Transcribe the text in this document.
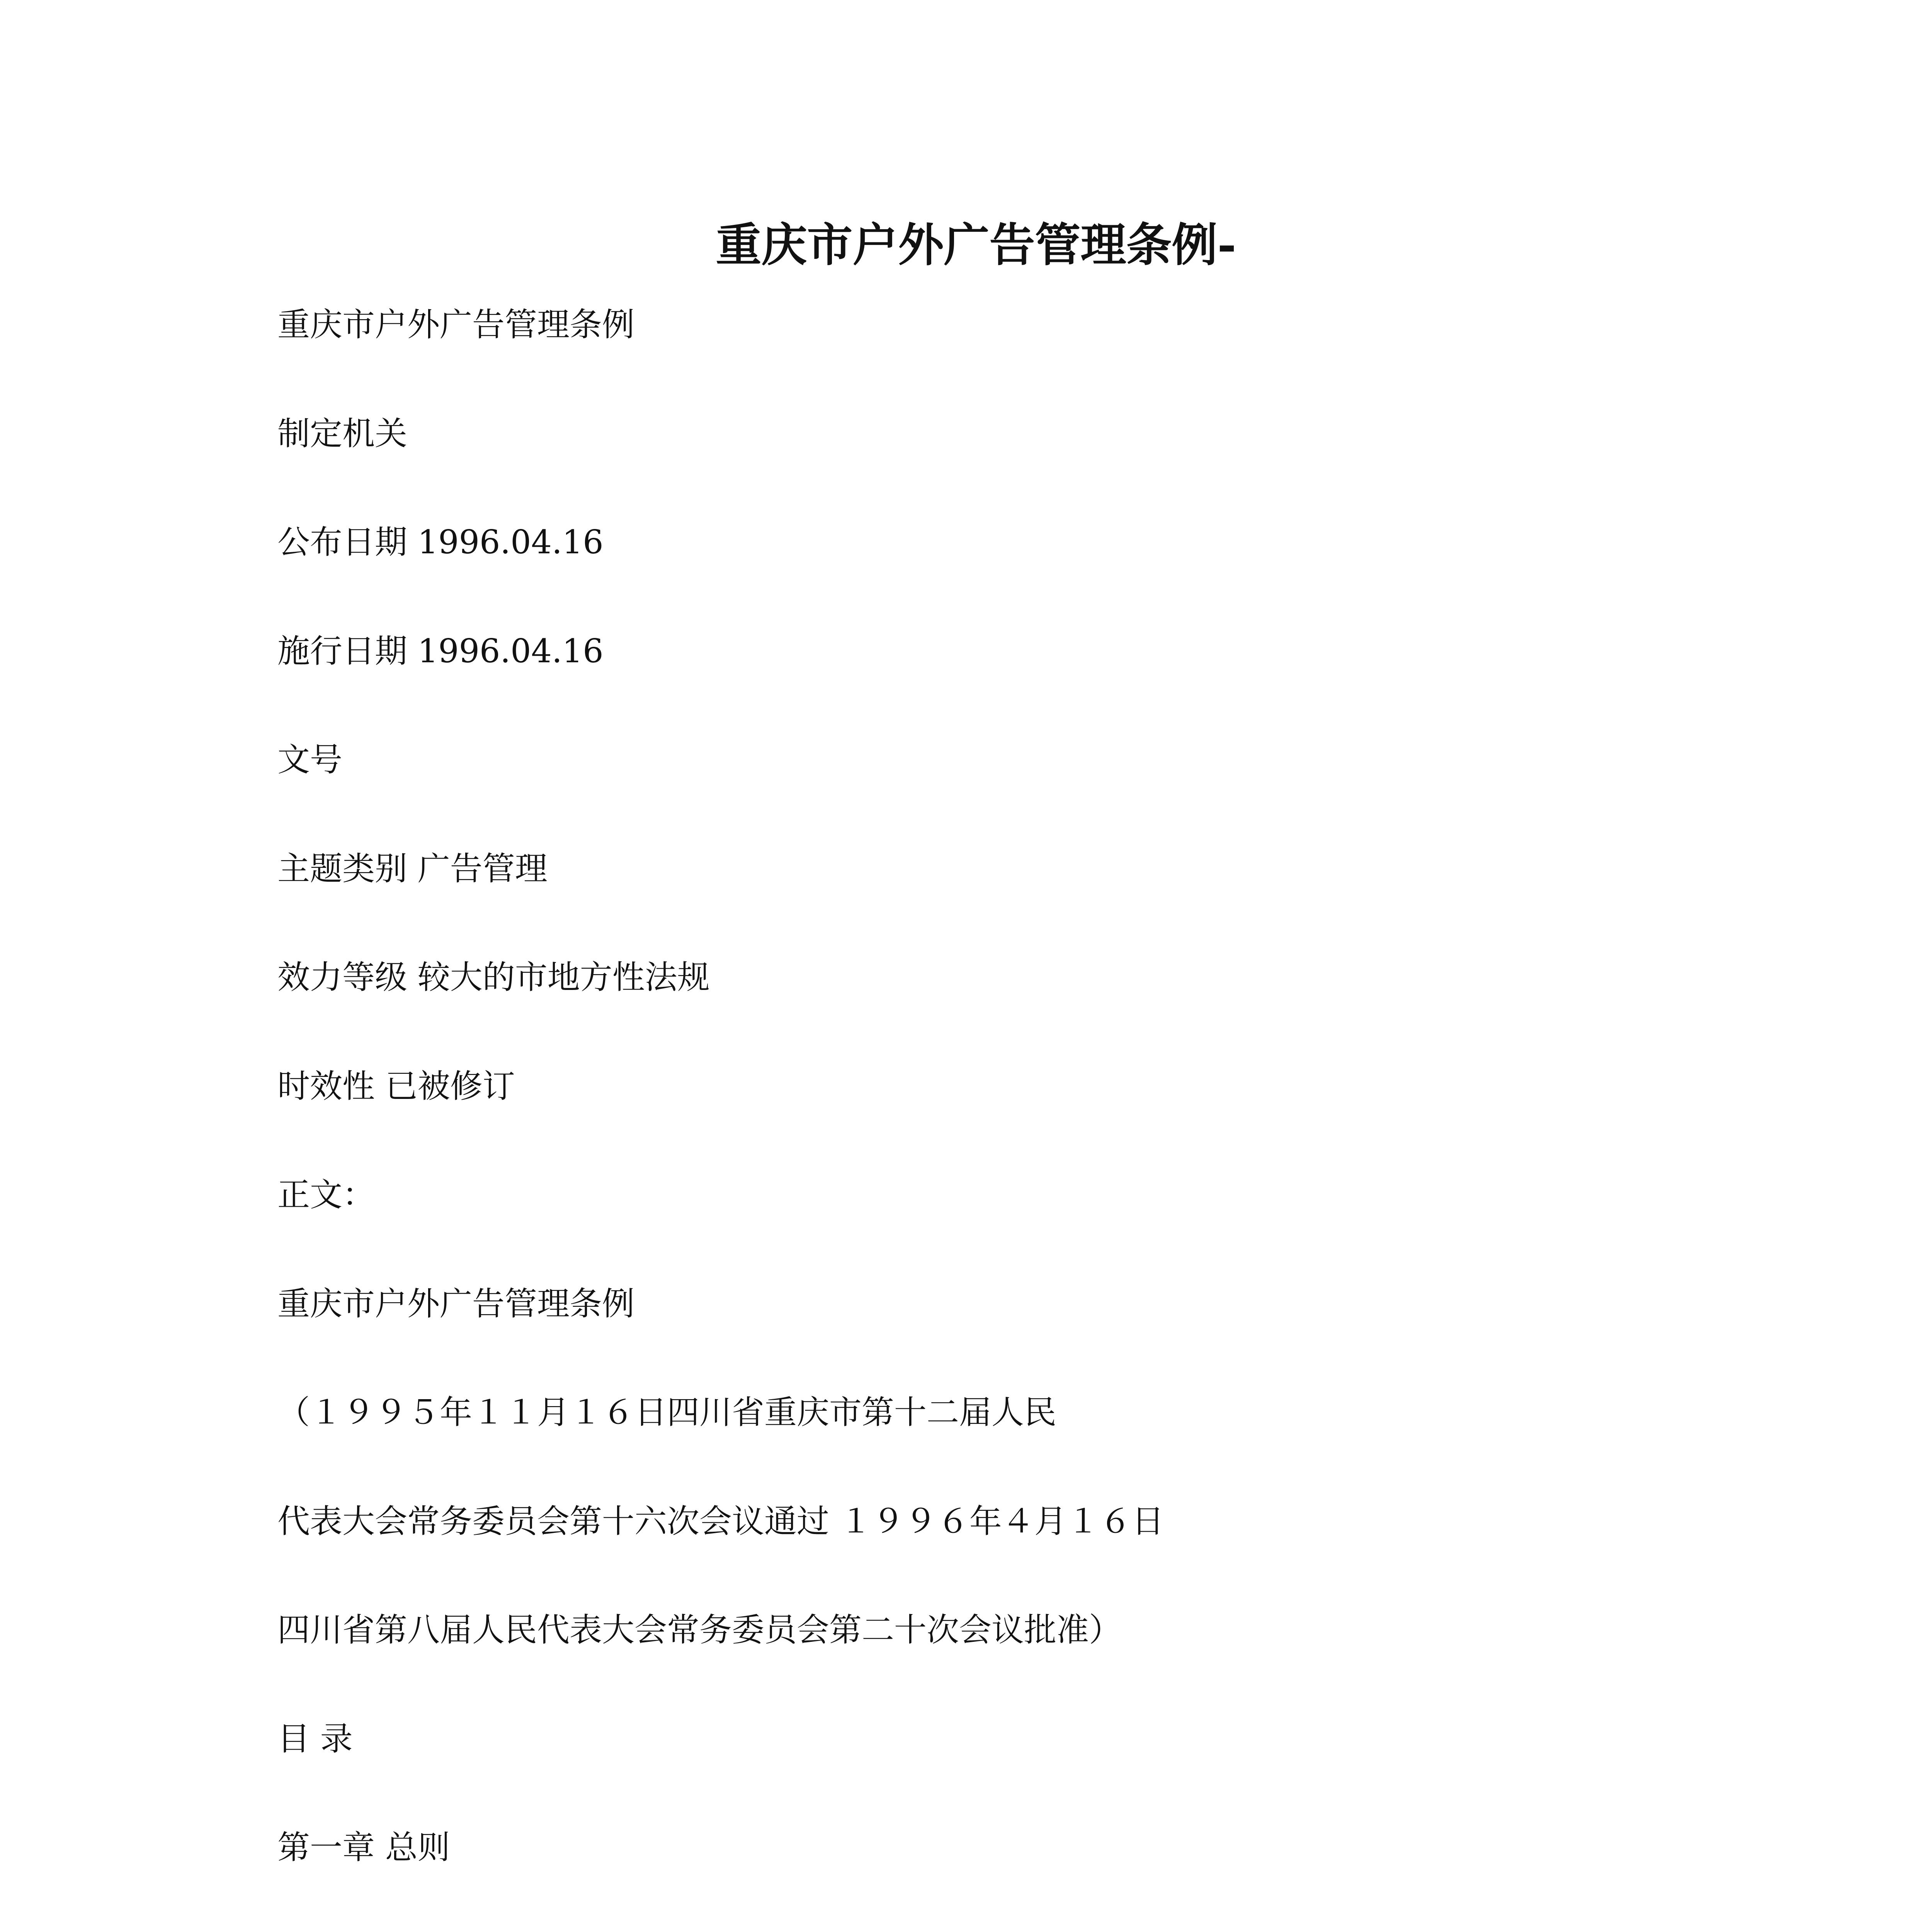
重庆市户外广告管理条例-
重庆市户外广告管理条例
制定机关
公布日期 1996.04.16
施行日期 1996.04.16
文号
主题类别 广告管理
效力等级 较大的市地方性法规
时效性 已被修订
正文：
重庆市户外广告管理条例
（１９９５年１１月１６日四川省重庆市第十二届人民
代表大会常务委员会第十六次会议通过 １９９６年４月１６日
四川省第八届人民代表大会常务委员会第二十次会议批准）
目 录
第一章 总则
